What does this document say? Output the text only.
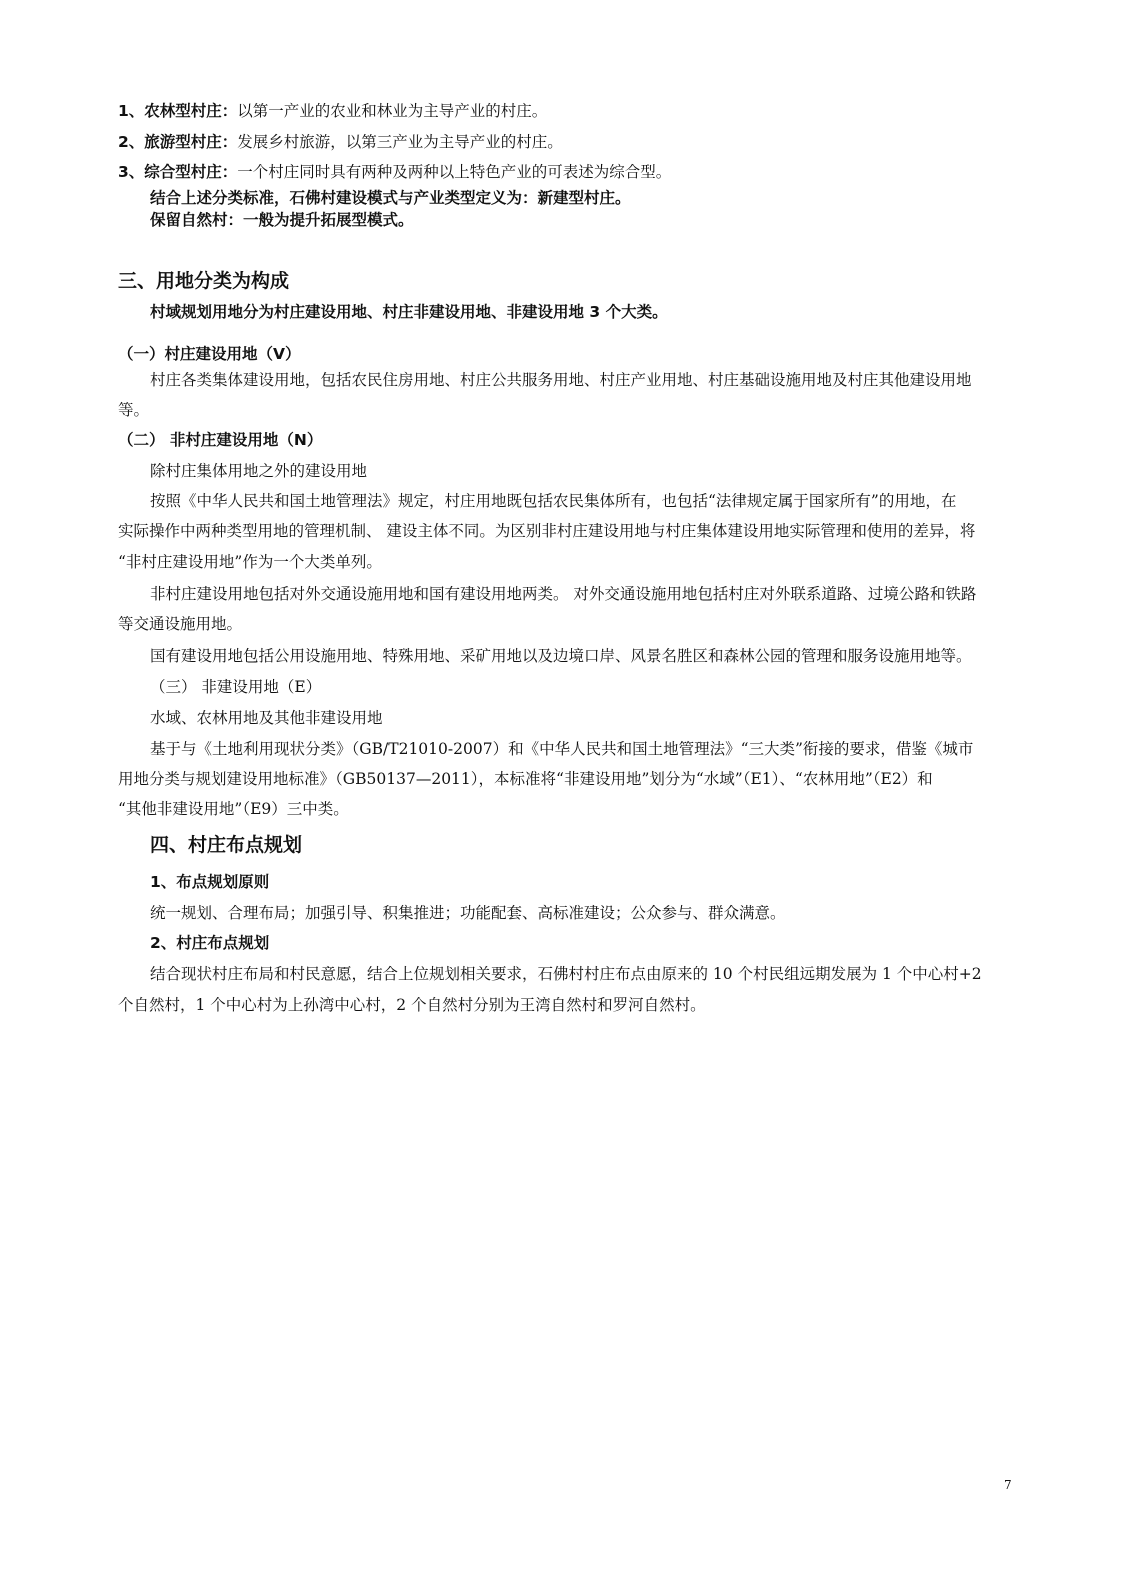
1、农林型村庄：以第一产业的农业和林业为主导产业的村庄。
2、旅游型村庄：发展乡村旅游，以第三产业为主导产业的村庄。
3、综合型村庄：一个村庄同时具有两种及两种以上特色产业的可表述为综合型。
结合上述分类标准，石佛村建设模式与产业类型定义为：新建型村庄。
保留自然村：一般为提升拓展型模式。
三、用地分类为构成
村域规划用地分为村庄建设用地、村庄非建设用地、非建设用地 3 个大类。
（一）村庄建设用地（V）
村庄各类集体建设用地，包括农民住房用地、村庄公共服务用地、村庄产业用地、村庄基础设施用地及村庄其他建设用地
等。
（二） 非村庄建设用地（N）
除村庄集体用地之外的建设用地
按照《中华人民共和国土地管理法》规定，村庄用地既包括农民集体所有，也包括“法律规定属于国家所有”的用地，在
实际操作中两种类型用地的管理机制、 建设主体不同。为区别非村庄建设用地与村庄集体建设用地实际管理和使用的差异，将
“非村庄建设用地”作为一个大类单列。
非村庄建设用地包括对外交通设施用地和国有建设用地两类。 对外交通设施用地包括村庄对外联系道路、过境公路和铁路
等交通设施用地。
国有建设用地包括公用设施用地、特殊用地、采矿用地以及边境口岸、风景名胜区和森林公园的管理和服务设施用地等。
（三） 非建设用地（E）
水域、农林用地及其他非建设用地
基于与《土地利用现状分类》（GB/T21010-2007）和《中华人民共和国土地管理法》“三大类”衔接的要求，借鉴《城市
用地分类与规划建设用地标准》（GB50137—2011），本标准将“非建设用地”划分为“水域”（E1）、“农林用地”（E2）和
“其他非建设用地”（E9）三中类。
四、村庄布点规划
1、布点规划原则
统一规划、合理布局；加强引导、积集推进；功能配套、高标准建设；公众参与、群众满意。
2、村庄布点规划
结合现状村庄布局和村民意愿，结合上位规划相关要求，石佛村村庄布点由原来的 10 个村民组远期发展为 1 个中心村+2
个自然村，1 个中心村为上孙湾中心村，2 个自然村分别为王湾自然村和罗河自然村。
7
